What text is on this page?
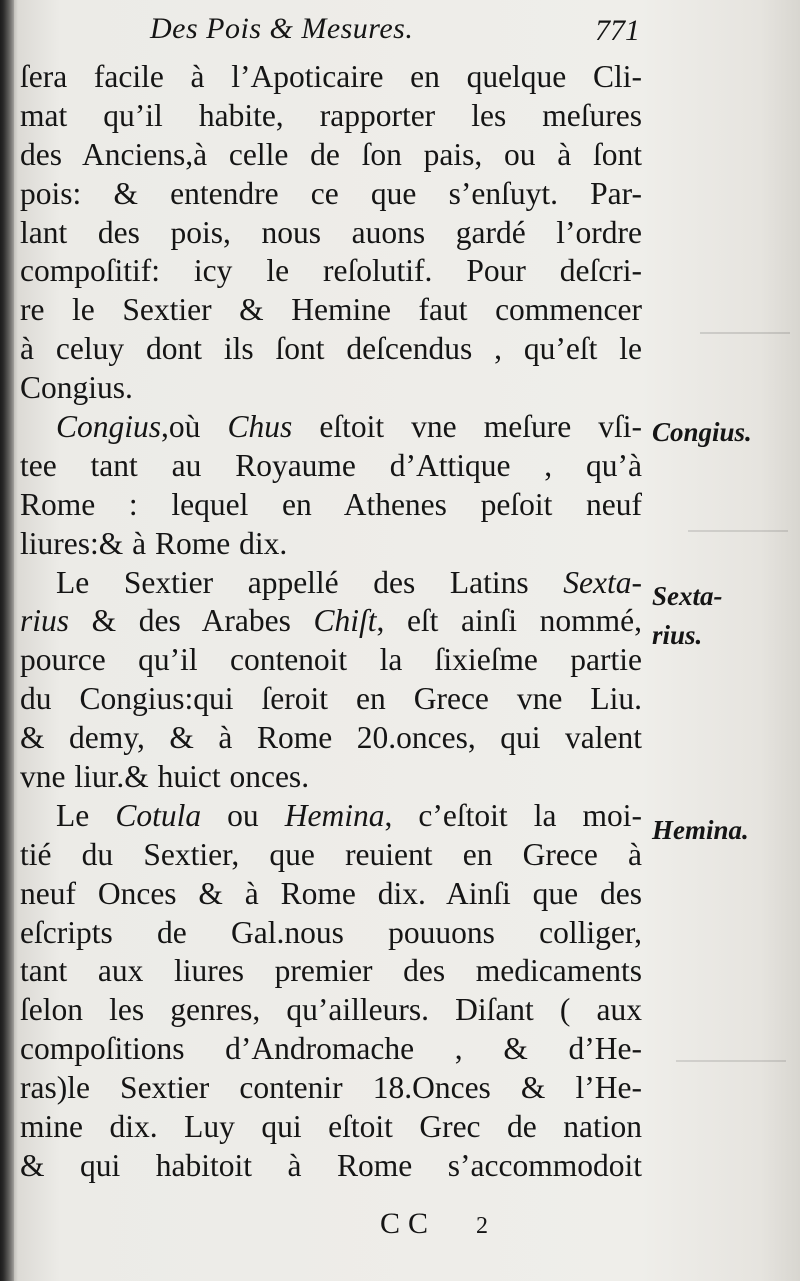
Des Pois & Mesures.	771
ſera facile à l’Apoticaire en quelque Cli-
mat qu’il habite, rapporter les meſures
des Anciens,à celle de ſon pais, ou à ſont
pois: & entendre ce que s’enſuyt. Par-
lant des pois, nous auons gardé l’ordre
compoſitif: icy le reſolutif. Pour deſcri-
re le Sextier & Hemine faut commencer
à celuy dont ils ſont deſcendus , qu’eſt le
Congius.
Congius,où Chus eſtoit vne meſure vſi-
tee tant au Royaume d’Attique , qu’à
Rome : lequel en Athenes peſoit neuf
liures:& à Rome dix.
Le Sextier appellé des Latins Sexta-
rius & des Arabes Chiſt, eſt ainſi nommé,
pource qu’il contenoit la ſixieſme partie
du Congius:qui ſeroit en Grece vne Liu.
& demy, & à Rome 20.onces, qui valent
vne liur.& huict onces.
Le Cotula ou Hemina, c’eſtoit la moi-
tié du Sextier, que reuient en Grece à
neuf Onces & à Rome dix. Ainſi que des
eſcripts de Gal.nous pouuons colliger,
tant aux liures premier des medicaments
ſelon les genres, qu’ailleurs. Diſant ( aux
compoſitions d’Andromache , & d’He-
ras)le Sextier contenir 18.Onces & l’He-
mine dix. Luy qui eſtoit Grec de nation
& qui habitoit à Rome s’accommodoit
Congius.
Sexta-
rius.
Hemina.
CC 2
